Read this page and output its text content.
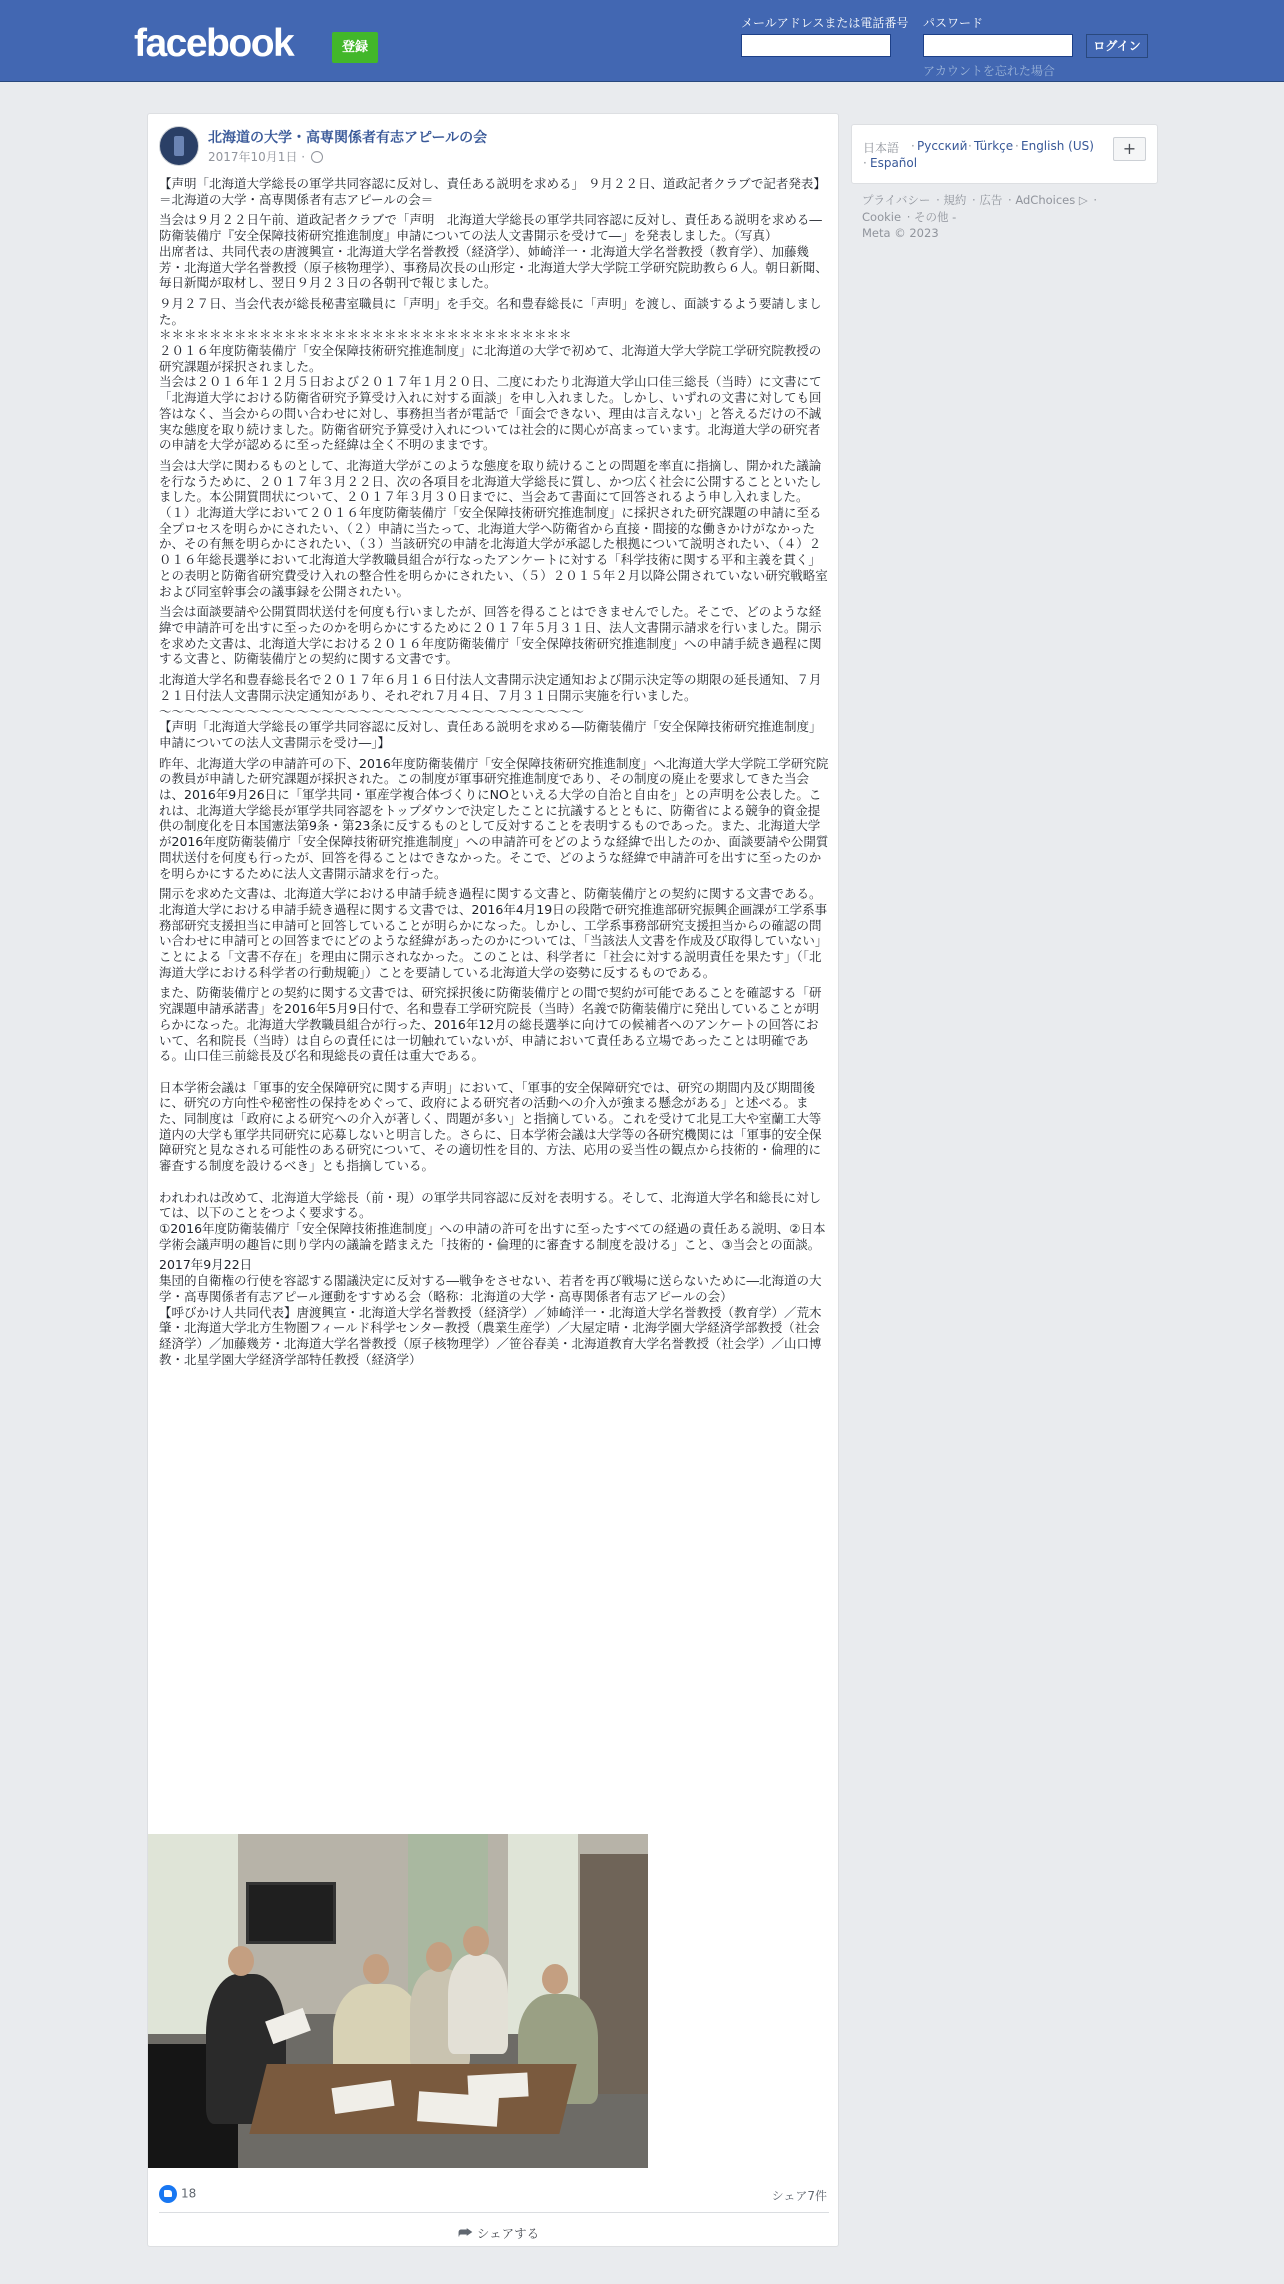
facebook	登録
メールアドレスまたは電話番号 パスワード
ログイン
アカウントを忘れた場合
北海道の大学・高専関係者有志アピールの会
2017年10月1日 ·

【声明「北海道大学総長の軍学共同容認に反対し、責任ある説明を求める」 ９月２２日、道政記者クラブで記者発表】
＝北海道の大学・高専関係者有志アピールの会＝

当会は９月２２日午前、道政記者クラブで「声明　北海道大学総長の軍学共同容認に反対し、責任ある説明を求める―防衛装備庁『安全保障技術研究推進制度』申請についての法人文書開示を受けて―」を発表しました。（写真）
出席者は、共同代表の唐渡興宣・北海道大学名誉教授（経済学）、姉崎洋一・北海道大学名誉教授（教育学）、加藤幾芳・北海道大学名誉教授（原子核物理学）、事務局次長の山形定・北海道大学大学院工学研究院助教ら６人。朝日新聞、毎日新聞が取材し、翌日９月２３日の各朝刊で報じました。

９月２７日、当会代表が総長秘書室職員に「声明」を手交。名和豊春総長に「声明」を渡し、面談するよう要請しました。
＊＊＊＊＊＊＊＊＊＊＊＊＊＊＊＊＊＊＊＊＊＊＊＊＊＊＊＊＊＊＊＊＊
２０１６年度防衛装備庁「安全保障技術研究推進制度」に北海道の大学で初めて、北海道大学大学院工学研究院教授の研究課題が採択されました。
当会は２０１６年１２月５日および２０１７年１月２０日、二度にわたり北海道大学山口佳三総長（当時）に文書にて「北海道大学における防衛省研究予算受け入れに対する面談」を申し入れました。しかし、いずれの文書に対しても回答はなく、当会からの問い合わせに対し、事務担当者が電話で「面会できない、理由は言えない」と答えるだけの不誠実な態度を取り続けました。防衛省研究予算受け入れについては社会的に関心が高まっています。北海道大学の研究者の申請を大学が認めるに至った経緯は全く不明のままです。

当会は大学に関わるものとして、北海道大学がこのような態度を取り続けることの問題を率直に指摘し、開かれた議論を行なうために、２０１７年３月２２日、次の各項目を北海道大学総長に質し、かつ広く社会に公開することといたしました。本公開質問状について、２０１７年３月３０日までに、当会あて書面にて回答されるよう申し入れました。
（１）北海道大学において２０１６年度防衛装備庁「安全保障技術研究推進制度」に採択された研究課題の申請に至る全プロセスを明らかにされたい、（２）申請に当たって、北海道大学へ防衛省から直接・間接的な働きかけがなかったか、その有無を明らかにされたい、（３）当該研究の申請を北海道大学が承認した根拠について説明されたい、（４）２０１６年総長選挙において北海道大学教職員組合が行なったアンケートに対する「科学技術に関する平和主義を貫く」との表明と防衛省研究費受け入れの整合性を明らかにされたい、（５）２０１５年２月以降公開されていない研究戦略室および同室幹事会の議事録を公開されたい。

当会は面談要請や公開質問状送付を何度も行いましたが、回答を得ることはできませんでした。そこで、どのような経緯で申請許可を出すに至ったのかを明らかにするために２０１７年５月３１日、法人文書開示請求を行いました。開示を求めた文書は、北海道大学における２０１６年度防衛装備庁「安全保障技術研究推進制度」への申請手続き過程に関する文書と、防衛装備庁との契約に関する文書です。

北海道大学名和豊春総長名で２０１７年６月１６日付法人文書開示決定通知および開示決定等の期限の延長通知、７月２１日付法人文書開示決定通知があり、それぞれ７月４日、７月３１日開示実施を行いました。
～～～～～～～～～～～～～～～～～～～～～～～～～～～～～～～～～～
【声明「北海道大学総長の軍学共同容認に反対し、責任ある説明を求める―防衛装備庁「安全保障技術研究推進制度」申請についての法人文書開示を受け―」】

昨年、北海道大学の申請許可の下、2016年度防衛装備庁「安全保障技術研究推進制度」へ北海道大学大学院工学研究院の教員が申請した研究課題が採択された。この制度が軍事研究推進制度であり、その制度の廃止を要求してきた当会は、2016年9月26日に「軍学共同・軍産学複合体づくりにNOといえる大学の自治と自由を」との声明を公表した。これは、北海道大学総長が軍学共同容認をトップダウンで決定したことに抗議するとともに、防衛省による競争的資金提供の制度化を日本国憲法第9条・第23条に反するものとして反対することを表明するものであった。また、北海道大学が2016年度防衛装備庁「安全保障技術研究推進制度」への申請許可をどのような経緯で出したのか、面談要請や公開質問状送付を何度も行ったが、回答を得ることはできなかった。そこで、どのような経緯で申請許可を出すに至ったのかを明らかにするために法人文書開示請求を行った。

開示を求めた文書は、北海道大学における申請手続き過程に関する文書と、防衛装備庁との契約に関する文書である。北海道大学における申請手続き過程に関する文書では、2016年4月19日の段階で研究推進部研究振興企画課が工学系事務部研究支援担当に申請可と回答していることが明らかになった。しかし、工学系事務部研究支援担当からの確認の問い合わせに申請可との回答までにどのような経緯があったのかについては、「当該法人文書を作成及び取得していない」ことによる「文書不存在」を理由に開示されなかった。このことは、科学者に「社会に対する説明責任を果たす」（「北海道大学における科学者の行動規範」）ことを要請している北海道大学の姿勢に反するものである。

また、防衛装備庁との契約に関する文書では、研究採択後に防衛装備庁との間で契約が可能であることを確認する「研究課題申請承諾書」を2016年5月9日付で、名和豊春工学研究院長（当時）名義で防衛装備庁に発出していることが明らかになった。北海道大学教職員組合が行った、2016年12月の総長選挙に向けての候補者へのアンケートの回答において、名和院長（当時）は自らの責任には一切触れていないが、申請において責任ある立場であったことは明確である。山口佳三前総長及び名和現総長の責任は重大である。

日本学術会議は「軍事的安全保障研究に関する声明」において、「軍事的安全保障研究では、研究の期間内及び期間後に、研究の方向性や秘密性の保持をめぐって、政府による研究者の活動への介入が強まる懸念がある」と述べる。また、同制度は「政府による研究への介入が著しく、問題が多い」と指摘している。これを受けて北見工大や室蘭工大等道内の大学も軍学共同研究に応募しないと明言した。さらに、日本学術会議は大学等の各研究機関には「軍事的安全保障研究と見なされる可能性のある研究について、その適切性を目的、方法、応用の妥当性の観点から技術的・倫理的に審査する制度を設けるべき」とも指摘している。

われわれは改めて、北海道大学総長（前・現）の軍学共同容認に反対を表明する。そして、北海道大学名和総長に対しては、以下のことをつよく要求する。
①2016年度防衛装備庁「安全保障技術推進制度」への申請の許可を出すに至ったすべての経過の責任ある説明、②日本学術会議声明の趣旨に則り学内の議論を踏まえた「技術的・倫理的に審査する制度を設ける」こと、③当会との面談。

2017年9月22日
集団的自衛権の行使を容認する閣議決定に反対する―戦争をさせない、若者を再び戦場に送らないために―北海道の大学・高専関係者有志アピール運動をすすめる会（略称：北海道の大学・高専関係者有志アピールの会）
【呼びかけ人共同代表】唐渡興宣・北海道大学名誉教授（経済学）／姉崎洋一・北海道大学名誉教授（教育学）／荒木肇・北海道大学北方生物圏フィールド科学センター教授（農業生産学）／大屋定晴・北海学園大学経済学部教授（社会経済学）／加藤幾芳・北海道大学名誉教授（原子核物理学）／笹谷春美・北海道教育大学名誉教授（社会学）／山口博教・北星学園大学経済学部特任教授（経済学）

18	シェア7件
⮫ シェアする
日本語 · Русский · Türkçe · English (US)
· Español
+
プライバシー · 規約 · 広告 · AdChoices ▷ ·
Cookie · その他 -
Meta © 2023
